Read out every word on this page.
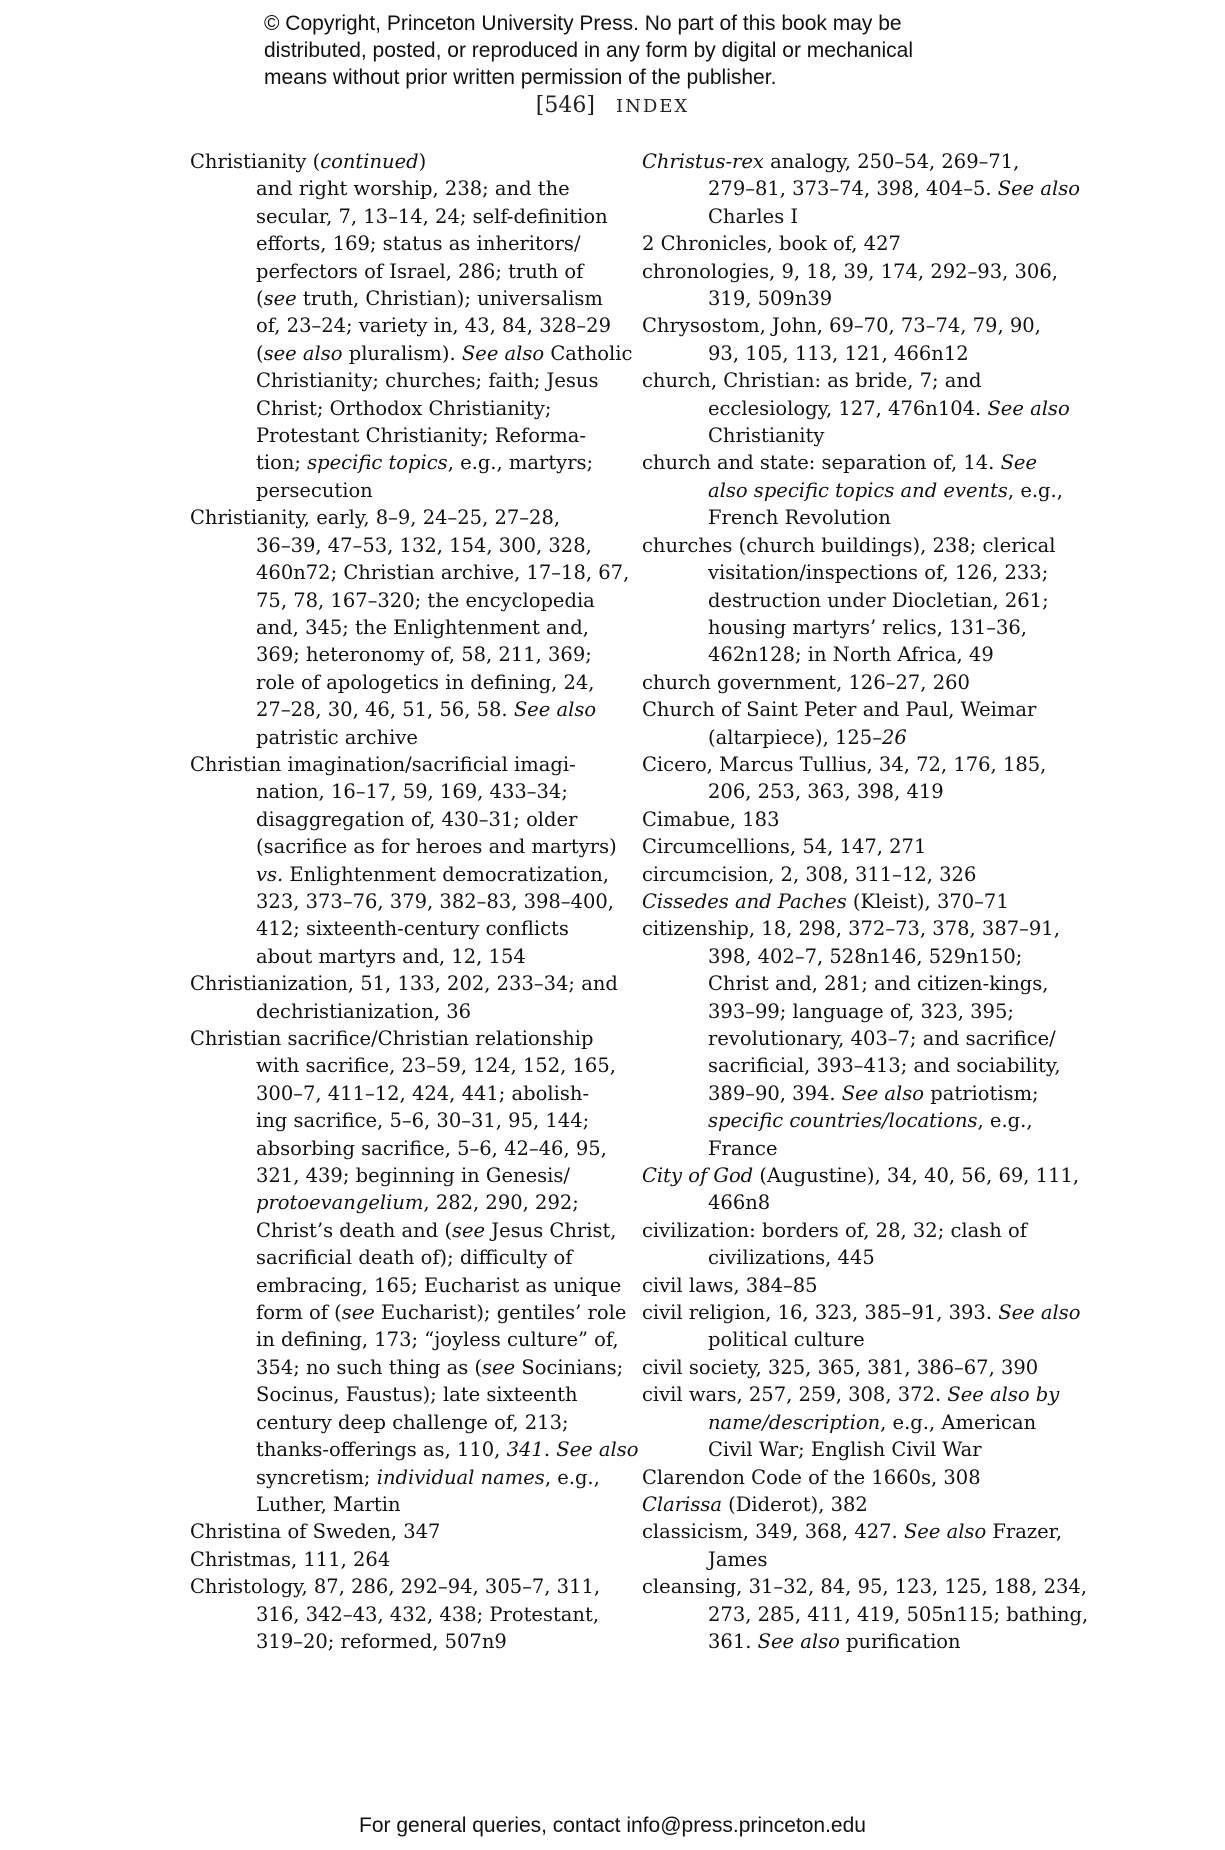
© Copyright, Princeton University Press. No part of this book may be
distributed, posted, or reproduced in any form by digital or mechanical
means without prior written permission of the publisher.
[546] INDEX
Christianity (continued)
and right worship, 238; and the
secular, 7, 13–14, 24; self-definition
efforts, 169; status as inheritors/
perfectors of Israel, 286; truth of
(see truth, Christian); universalism
of, 23–24; variety in, 43, 84, 328–29
(see also pluralism). See also Catholic
Christianity; churches; faith; Jesus
Christ; Orthodox Christianity;
Protestant Christianity; Reforma-
tion; specific topics, e.g., martyrs;
persecution
Christianity, early, 8–9, 24–25, 27–28,
36–39, 47–53, 132, 154, 300, 328,
460n72; Christian archive, 17–18, 67,
75, 78, 167–320; the encyclopedia
and, 345; the Enlightenment and,
369; heteronomy of, 58, 211, 369;
role of apologetics in defining, 24,
27–28, 30, 46, 51, 56, 58. See also
patristic archive
Christian imagination/sacrificial imagi-
nation, 16–17, 59, 169, 433–34;
disaggregation of, 430–31; older
(sacrifice as for heroes and martyrs)
vs. Enlightenment democratization,
323, 373–76, 379, 382–83, 398–400,
412; sixteenth-century conflicts
about martyrs and, 12, 154
Christianization, 51, 133, 202, 233–34; and
dechristianization, 36
Christian sacrifice/Christian relationship
with sacrifice, 23–59, 124, 152, 165,
300–7, 411–12, 424, 441; abolish-
ing sacrifice, 5–6, 30–31, 95, 144;
absorbing sacrifice, 5–6, 42–46, 95,
321, 439; beginning in Genesis/
protoevangelium, 282, 290, 292;
Christ’s death and (see Jesus Christ,
sacrificial death of); difficulty of
embracing, 165; Eucharist as unique
form of (see Eucharist); gentiles’ role
in defining, 173; “joyless culture” of,
354; no such thing as (see Socinians;
Socinus, Faustus); late sixteenth
century deep challenge of, 213;
thanks-offerings as, 110, 341. See also
syncretism; individual names, e.g.,
Luther, Martin
Christina of Sweden, 347
Christmas, 111, 264
Christology, 87, 286, 292–94, 305–7, 311,
316, 342–43, 432, 438; Protestant,
319–20; reformed, 507n9
Christus-rex analogy, 250–54, 269–71,
279–81, 373–74, 398, 404–5. See also
Charles I
2 Chronicles, book of, 427
chronologies, 9, 18, 39, 174, 292–93, 306,
319, 509n39
Chrysostom, John, 69–70, 73–74, 79, 90,
93, 105, 113, 121, 466n12
church, Christian: as bride, 7; and
ecclesiology, 127, 476n104. See also
Christianity
church and state: separation of, 14. See
also specific topics and events, e.g.,
French Revolution
churches (church buildings), 238; clerical
visitation/inspections of, 126, 233;
destruction under Diocletian, 261;
housing martyrs’ relics, 131–36,
462n128; in North Africa, 49
church government, 126–27, 260
Church of Saint Peter and Paul, Weimar
(altarpiece), 125–26
Cicero, Marcus Tullius, 34, 72, 176, 185,
206, 253, 363, 398, 419
Cimabue, 183
Circumcellions, 54, 147, 271
circumcision, 2, 308, 311–12, 326
Cissedes and Paches (Kleist), 370–71
citizenship, 18, 298, 372–73, 378, 387–91,
398, 402–7, 528n146, 529n150;
Christ and, 281; and citizen-kings,
393–99; language of, 323, 395;
revolutionary, 403–7; and sacrifice/
sacrificial, 393–413; and sociability,
389–90, 394. See also patriotism;
specific countries/locations, e.g.,
France
City of God (Augustine), 34, 40, 56, 69, 111,
466n8
civilization: borders of, 28, 32; clash of
civilizations, 445
civil laws, 384–85
civil religion, 16, 323, 385–91, 393. See also
political culture
civil society, 325, 365, 381, 386–67, 390
civil wars, 257, 259, 308, 372. See also by
name/description, e.g., American
Civil War; English Civil War
Clarendon Code of the 1660s, 308
Clarissa (Diderot), 382
classicism, 349, 368, 427. See also Frazer,
James
cleansing, 31–32, 84, 95, 123, 125, 188, 234,
273, 285, 411, 419, 505n115; bathing,
361. See also purification
For general queries, contact info@press.princeton.edu
